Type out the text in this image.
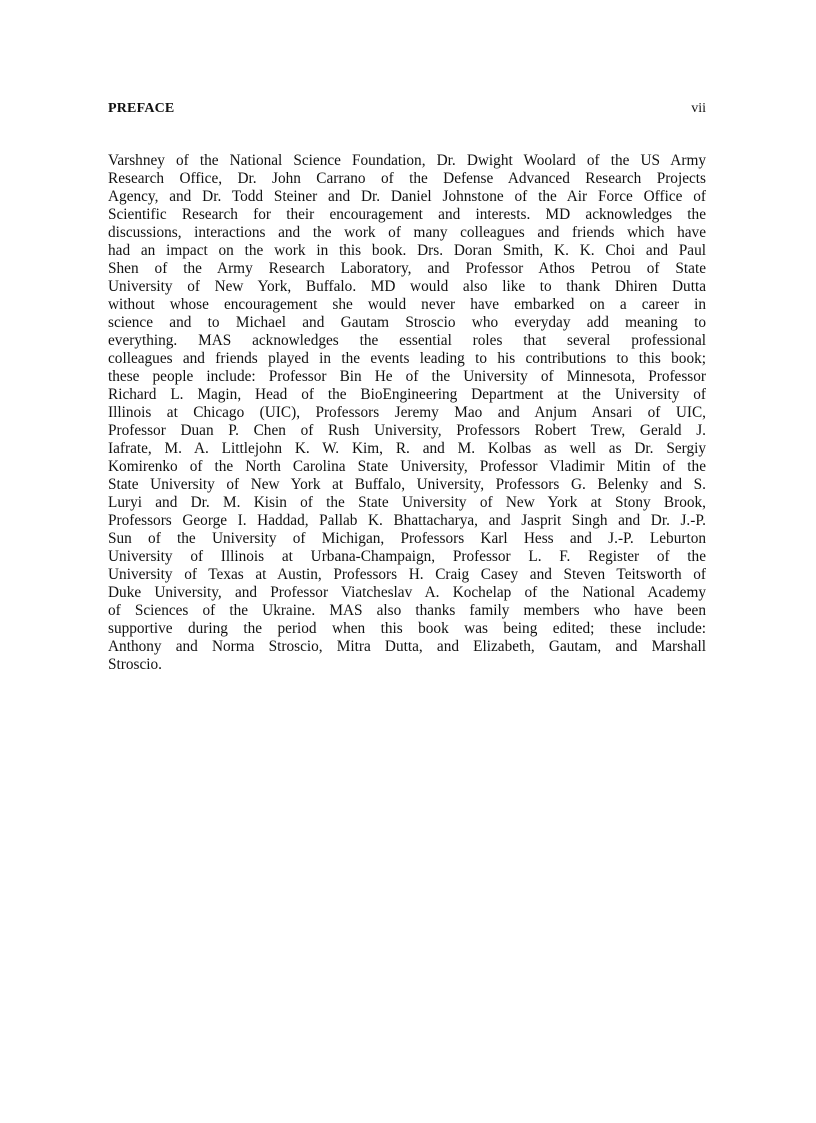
PREFACE	vii
Varshney of the National Science Foundation, Dr. Dwight Woolard of the US Army
Research Office, Dr. John Carrano of the Defense Advanced Research Projects
Agency, and Dr. Todd Steiner and Dr. Daniel Johnstone of the Air Force Office of
Scientific Research for their encouragement and interests. MD acknowledges the
discussions, interactions and the work of many colleagues and friends which have
had an impact on the work in this book. Drs. Doran Smith, K. K. Choi and Paul
Shen of the Army Research Laboratory, and Professor Athos Petrou of State
University of New York, Buffalo. MD would also like to thank Dhiren Dutta
without whose encouragement she would never have embarked on a career in
science and to Michael and Gautam Stroscio who everyday add meaning to
everything. MAS acknowledges the essential roles that several professional
colleagues and friends played in the events leading to his contributions to this book;
these people include: Professor Bin He of the University of Minnesota, Professor
Richard L. Magin, Head of the BioEngineering Department at the University of
Illinois at Chicago (UIC), Professors Jeremy Mao and Anjum Ansari of UIC,
Professor Duan P. Chen of Rush University, Professors Robert Trew, Gerald J.
Iafrate, M. A. Littlejohn K. W. Kim, R. and M. Kolbas as well as Dr. Sergiy
Komirenko of the North Carolina State University, Professor Vladimir Mitin of the
State University of New York at Buffalo, University, Professors G. Belenky and S.
Luryi and Dr. M. Kisin of the State University of New York at Stony Brook,
Professors George I. Haddad, Pallab K. Bhattacharya, and Jasprit Singh and Dr. J.-P.
Sun of the University of Michigan, Professors Karl Hess and J.-P. Leburton
University of Illinois at Urbana-Champaign, Professor L. F. Register of the
University of Texas at Austin, Professors H. Craig Casey and Steven Teitsworth of
Duke University, and Professor Viatcheslav A. Kochelap of the National Academy
of Sciences of the Ukraine. MAS also thanks family members who have been
supportive during the period when this book was being edited; these include:
Anthony and Norma Stroscio, Mitra Dutta, and Elizabeth, Gautam, and Marshall
Stroscio.
